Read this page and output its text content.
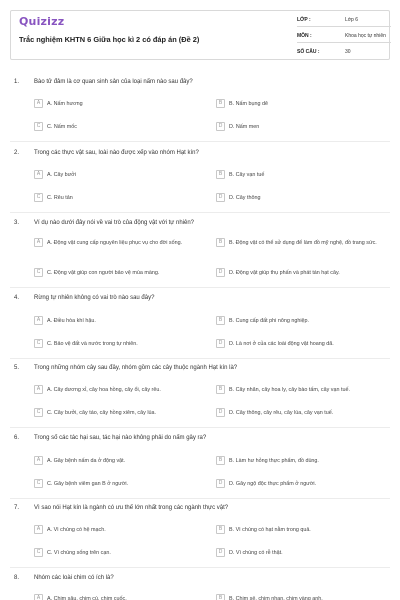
Quizizz
Trắc nghiệm KHTN 6 Giữa học kì 2 có đáp án (Đề 2)
LỚP :	Lớp 6
MÔN :	Khoa học tự nhiên
SỐ CÂU :	30
1. Bào tử đảm là cơ quan sinh sản của loại nấm nào sau đây?
A	A. Nấm hương	B	B. Nấm bụng dê
C	C. Nấm mốc	D	D. Nấm men
2. Trong các thực vật sau, loài nào được xếp vào nhóm Hạt kín?
A	A. Cây bưởi	B	B. Cây vạn tuế
C	C. Rêu tản	D	D. Cây thông
3. Ví dụ nào dưới đây nói về vai trò của động vật với tự nhiên?
A	A. Động vật cung cấp nguyên liệu phục vụ cho đời sống.	B	B. Động vật có thể sử dụng để làm đồ mỹ nghệ, đồ trang sức.
C	C. Động vật giúp con người bảo vệ mùa màng.	D	D. Động vật giúp thụ phấn và phát tán hạt cây.
4. Rừng tự nhiên không có vai trò nào sau đây?
A	A. Điều hòa khí hậu.	B	B. Cung cấp đất phi nông nghiệp.
C	C. Bảo vệ đất và nước trong tự nhiên.	D	D. Là nơi ở của các loài động vật hoang dã.
5. Trong những nhóm cây sau đây, nhóm gồm các cây thuộc ngành Hạt kín là?
A	A. Cây dương xỉ, cây hoa hồng, cây ổi, cây rêu.	B	B. Cây nhãn, cây hoa ly, cây bào tấm, cây vạn tuế.
C	C. Cây bưởi, cây táo, cây hồng xiêm, cây lúa.	D	D. Cây thông, cây rêu, cây lúa, cây vạn tuế.
6. Trong số các tác hại sau, tác hại nào không phải do nấm gây ra?
A	A. Gây bệnh nấm da ở động vật.	B	B. Làm hư hỏng thực phẩm, đồ dùng.
C	C. Gây bệnh viêm gan B ở người.	D	D. Gây ngộ độc thực phẩm ở người.
7. Vì sao nói Hạt kín là ngành có ưu thế lớn nhất trong các ngành thực vật?
A	A. Vì chúng có hệ mạch.	B	B. Vì chúng có hạt nằm trong quả.
C	C. Vì chúng sống trên cạn.	D	D. Vì chúng có rễ thật.
8. Nhóm các loài chim có ích là?
A	A. Chim sâu, chim cú, chim cuốc.	B	B. Chim sẻ, chim nhạn, chim vàng anh.
